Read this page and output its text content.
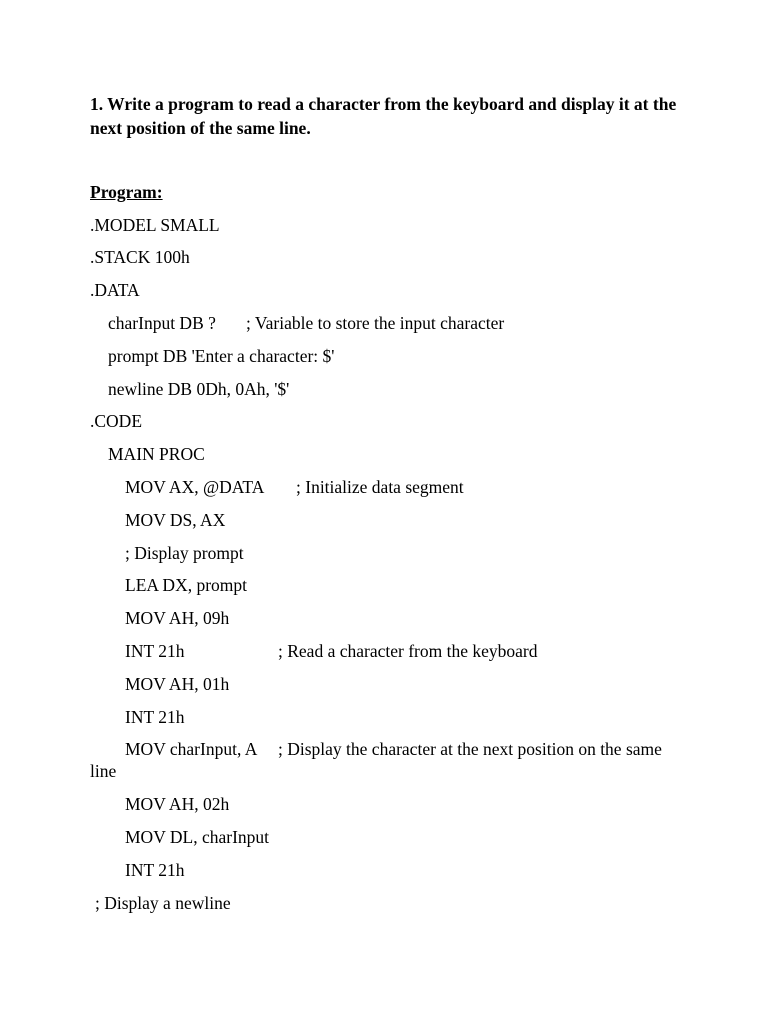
1. Write a program to read a character from the keyboard and display it at the next position of the same line.
Program:
.MODEL SMALL
.STACK 100h
.DATA
charInput DB ? ; Variable to store the input character
prompt DB 'Enter a character: $'
newline DB 0Dh, 0Ah, '$'
.CODE
MAIN PROC
MOV AX, @DATA ; Initialize data segment
MOV DS, AX
; Display prompt
LEA DX, prompt
MOV AH, 09h
INT 21h	; Read a character from the keyboard
MOV AH, 01h
INT 21h
MOV charInput, A ; Display the character at the next position on the same
line
MOV AH, 02h
MOV DL, charInput
INT 21h
; Display a newline
